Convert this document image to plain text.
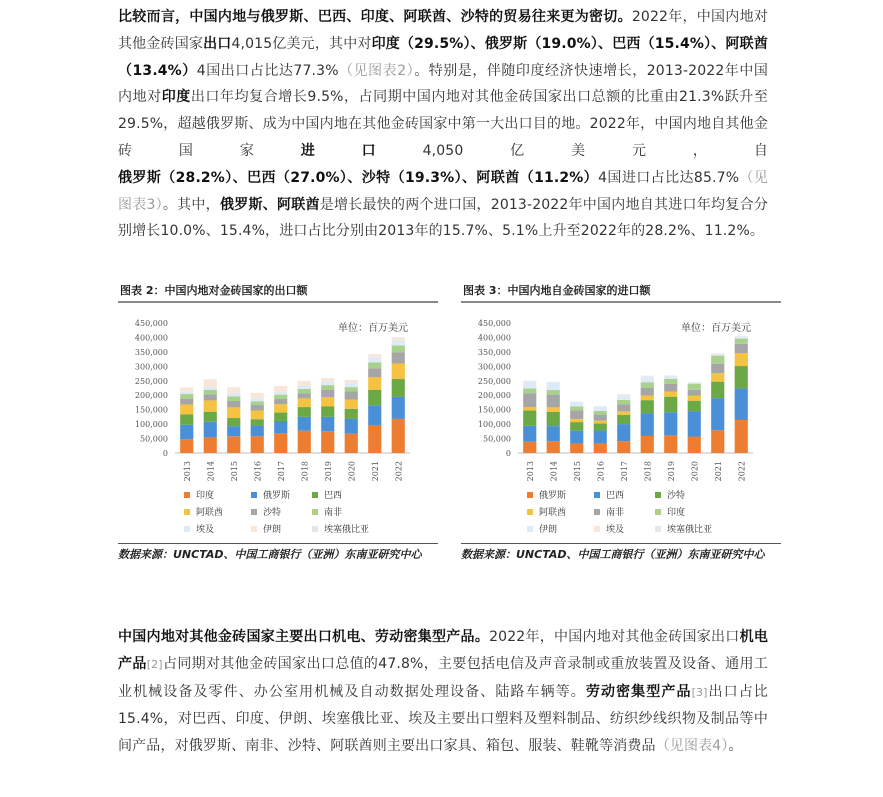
比较而言，中国内地与俄罗斯、巴西、印度、阿联酋、沙特的贸易往来更为密切。2022年，中国内地对其他金砖国家出口4,015亿美元，其中对印度（29.5%）、俄罗斯（19.0%）、巴西（15.4%）、阿联酋（13.4%）4国出口占比达77.3%（见图表2）。特别是，伴随印度经济快速增长，2013-2022年中国内地对印度出口年均复合增长9.5%，占同期中国内地对其他金砖国家出口总额的比重由21.3%跃升至29.5%，超越俄罗斯、成为中国内地在其他金砖国家中第一大出口目的地。2022年，中国内地自其他金砖国家进口4,050亿美元，自俄罗斯（28.2%）、巴西（27.0%）、沙特（19.3%）、阿联酋（11.2%）4国进口占比达85.7%（见图表3）。其中，俄罗斯、阿联酋是增长最快的两个进口国，2013-2022年中国内地自其进口年均复合分别增长10.0%、15.4%，进口占比分别由2013年的15.7%、5.1%上升至2022年的28.2%、11.2%。

图表 2：中国内地对金砖国家的出口额
单位：百万美元
0
50,000
100,000
150,000
200,000
250,000
300,000
350,000
400,000
450,000
2013 2014 2015 2016 2017 2018 2019 2020 2021 2022
印度	俄罗斯	巴西
阿联酋	沙特	南非
埃及	伊朗	埃塞俄比亚
数据来源：UNCTAD、中国工商银行（亚洲）东南亚研究中心
图表 3：中国内地自金砖国家的进口额
单位：百万美元
0
50,000
100,000
150,000
200,000
250,000
300,000
350,000
400,000
450,000
2013 2014 2015 2016 2017 2018 2019 2020 2021 2022
俄罗斯	巴西	沙特
阿联酋	南非	印度
伊朗	埃及	埃塞俄比亚
数据来源：UNCTAD、中国工商银行（亚洲）东南亚研究中心

中国内地对其他金砖国家主要出口机电、劳动密集型产品。2022年，中国内地对其他金砖国家出口机电产品[2]占同期对其他金砖国家出口总值的47.8%，主要包括电信及声音录制或重放装置及设备、通用工业机械设备及零件、办公室用机械及自动数据处理设备、陆路车辆等。劳动密集型产品[3]出口占比15.4%，对巴西、印度、伊朗、埃塞俄比亚、埃及主要出口塑料及塑料制品、纺织纱线织物及制品等中间产品，对俄罗斯、南非、沙特、阿联酋则主要出口家具、箱包、服装、鞋靴等消费品（见图表4）。
